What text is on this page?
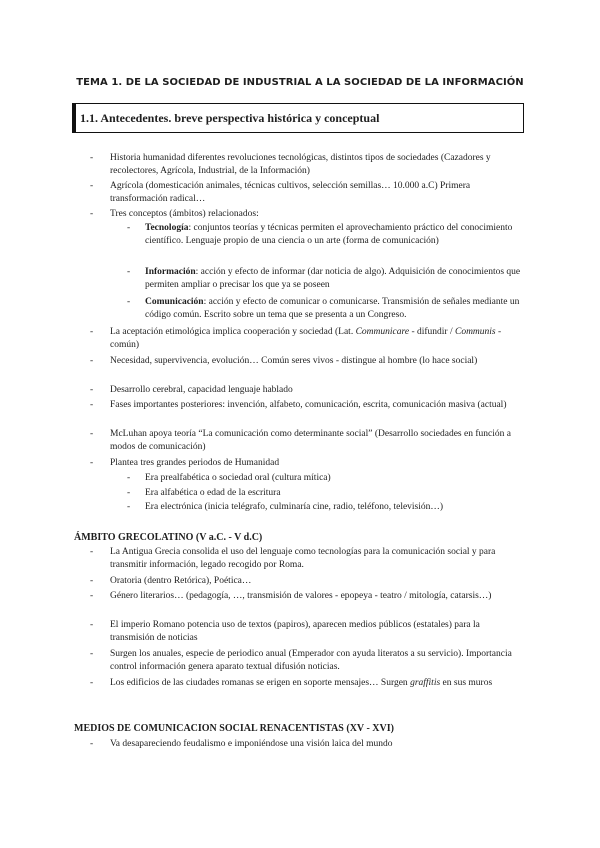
TEMA 1. DE LA SOCIEDAD DE INDUSTRIAL A LA SOCIEDAD DE LA INFORMACIÓN
1.1. Antecedentes. breve perspectiva histórica y conceptual
- Historia humanidad diferentes revoluciones tecnológicas, distintos tipos de sociedades (Cazadores y recolectores, Agrícola, Industrial, de la Información)
- Agrícola (domesticación animales, técnicas cultivos, selección semillas… 10.000 a.C) Primera transformación radical…
- Tres conceptos (ámbitos) relacionados:
- Tecnología: conjuntos teorías y técnicas permiten el aprovechamiento práctico del conocimiento científico. Lenguaje propio de una ciencia o un arte (forma de comunicación)
- Información: acción y efecto de informar (dar noticia de algo). Adquisición de conocimientos que permiten ampliar o precisar los que ya se poseen
- Comunicación: acción y efecto de comunicar o comunicarse. Transmisión de señales mediante un código común. Escrito sobre un tema que se presenta a un Congreso.
- La aceptación etimológica implica cooperación y sociedad (Lat. Communicare - difundir / Communis - común)
- Necesidad, supervivencia, evolución… Común seres vivos - distingue al hombre (lo hace social)
- Desarrollo cerebral, capacidad lenguaje hablado
- Fases importantes posteriores: invención, alfabeto, comunicación, escrita, comunicación masiva (actual)
- McLuhan apoya teoría “La comunicación como determinante social” (Desarrollo sociedades en función a modos de comunicación)
- Plantea tres grandes periodos de Humanidad
- Era prealfabética o sociedad oral (cultura mítica)
- Era alfabética o edad de la escritura
- Era electrónica (inicia telégrafo, culminaría cine, radio, teléfono, televisión…)
ÁMBITO GRECOLATINO (V a.C. - V d.C)
- La Antigua Grecia consolida el uso del lenguaje como tecnologías para la comunicación social y para transmitir información, legado recogido por Roma.
- Oratoria (dentro Retórica), Poética…
- Género literarios… (pedagogía, …, transmisión de valores - epopeya - teatro / mitología, catarsis…)
- El imperio Romano potencia uso de textos (papiros), aparecen medios públicos (estatales) para la transmisión de noticias
- Surgen los anuales, especie de periodico anual (Emperador con ayuda literatos a su servicio). Importancia control información genera aparato textual difusión noticias.
- Los edificios de las ciudades romanas se erigen en soporte mensajes… Surgen graffitis en sus muros
MEDIOS DE COMUNICACION SOCIAL RENACENTISTAS (XV - XVI)
- Va desapareciendo feudalismo e imponiéndose una visión laica del mundo
